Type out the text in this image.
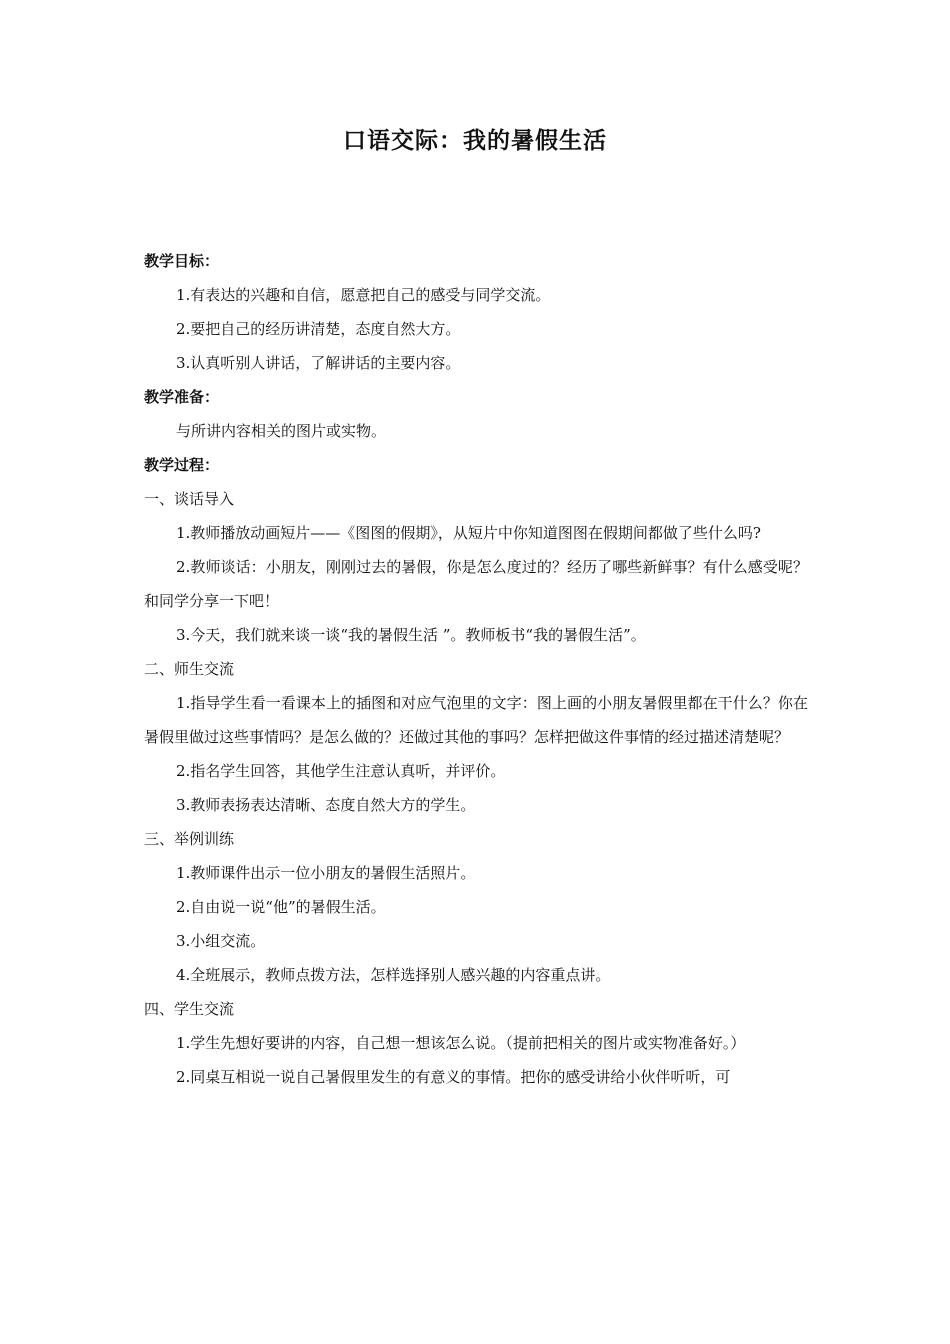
口语交际：我的暑假生活

教学目标：

1.有表达的兴趣和自信，愿意把自己的感受与同学交流。

2.要把自己的经历讲清楚，态度自然大方。

3.认真听别人讲话，了解讲话的主要内容。

教学准备：

与所讲内容相关的图片或实物。

教学过程：

一、谈话导入

1.教师播放动画短片——《图图的假期》，从短片中你知道图图在假期间都做了些什么吗?

2.教师谈话：小朋友，刚刚过去的暑假，你是怎么度过的？经历了哪些新鲜事？有什么感受呢？和同学分享一下吧！

3.今天，我们就来谈一谈“我的暑假生活 ”。教师板书“我的暑假生活”。

二、师生交流

1.指导学生看一看课本上的插图和对应气泡里的文字：图上画的小朋友暑假里都在干什么？你在暑假里做过这些事情吗？是怎么做的？还做过其他的事吗？怎样把做这件事情的经过描述清楚呢？

2.指名学生回答，其他学生注意认真听，并评价。

3.教师表扬表达清晰、态度自然大方的学生。

三、举例训练

1.教师课件出示一位小朋友的暑假生活照片。

2.自由说一说“他”的暑假生活。

3.小组交流。

4.全班展示，教师点拨方法，怎样选择别人感兴趣的内容重点讲。

四、学生交流

1.学生先想好要讲的内容，自己想一想该怎么说。（提前把相关的图片或实物准备好。）

2.同桌互相说一说自己暑假里发生的有意义的事情。把你的感受讲给小伙伴听听，可
